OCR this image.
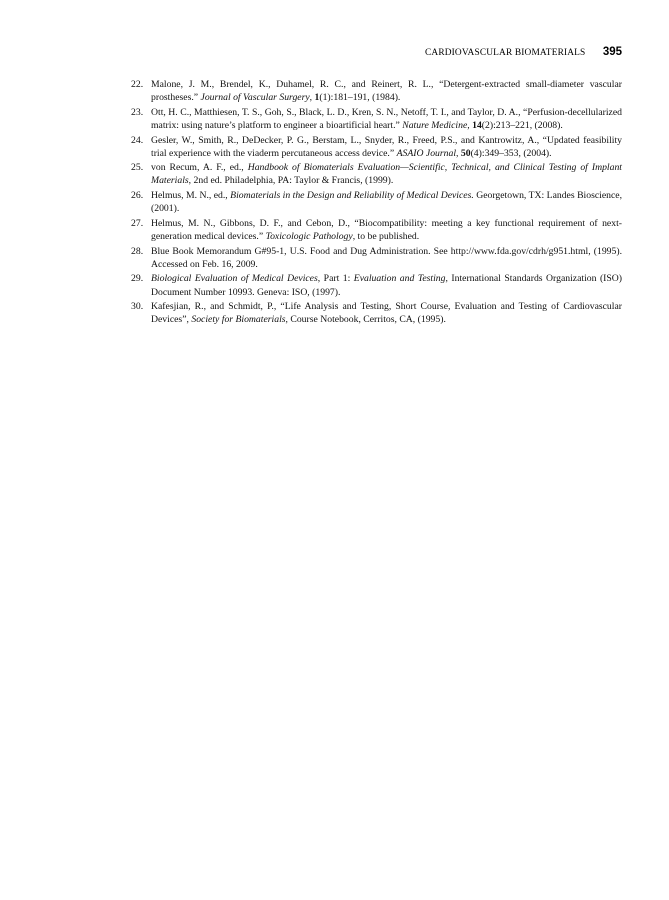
CARDIOVASCULAR BIOMATERIALS 395
22. Malone, J. M., Brendel, K., Duhamel, R. C., and Reinert, R. L., “Detergent-extracted small-diameter vascular prostheses.” Journal of Vascular Surgery, 1(1):181–191, (1984).
23. Ott, H. C., Matthiesen, T. S., Goh, S., Black, L. D., Kren, S. N., Netoff, T. I., and Taylor, D. A., “Perfusion-decellularized matrix: using nature’s platform to engineer a bioartificial heart.” Nature Medicine, 14(2):213–221, (2008).
24. Gesler, W., Smith, R., DeDecker, P. G., Berstam, L., Snyder, R., Freed, P.S., and Kantrowitz, A., “Updated feasibility trial experience with the viaderm percutaneous access device.” ASAIO Journal, 50(4):349–353, (2004).
25. von Recum, A. F., ed., Handbook of Biomaterials Evaluation—Scientific, Technical, and Clinical Testing of Implant Materials, 2nd ed. Philadelphia, PA: Taylor & Francis, (1999).
26. Helmus, M. N., ed., Biomaterials in the Design and Reliability of Medical Devices. Georgetown, TX: Landes Bioscience, (2001).
27. Helmus, M. N., Gibbons, D. F., and Cebon, D., “Biocompatibility: meeting a key functional requirement of next-generation medical devices.” Toxicologic Pathology, to be published.
28. Blue Book Memorandum G#95-1, U.S. Food and Dug Administration. See http://www.fda.gov/cdrh/g951.html, (1995). Accessed on Feb. 16, 2009.
29. Biological Evaluation of Medical Devices, Part 1: Evaluation and Testing, International Standards Organization (ISO) Document Number 10993. Geneva: ISO, (1997).
30. Kafesjian, R., and Schmidt, P., “Life Analysis and Testing, Short Course, Evaluation and Testing of Cardiovascular Devices”, Society for Biomaterials, Course Notebook, Cerritos, CA, (1995).
